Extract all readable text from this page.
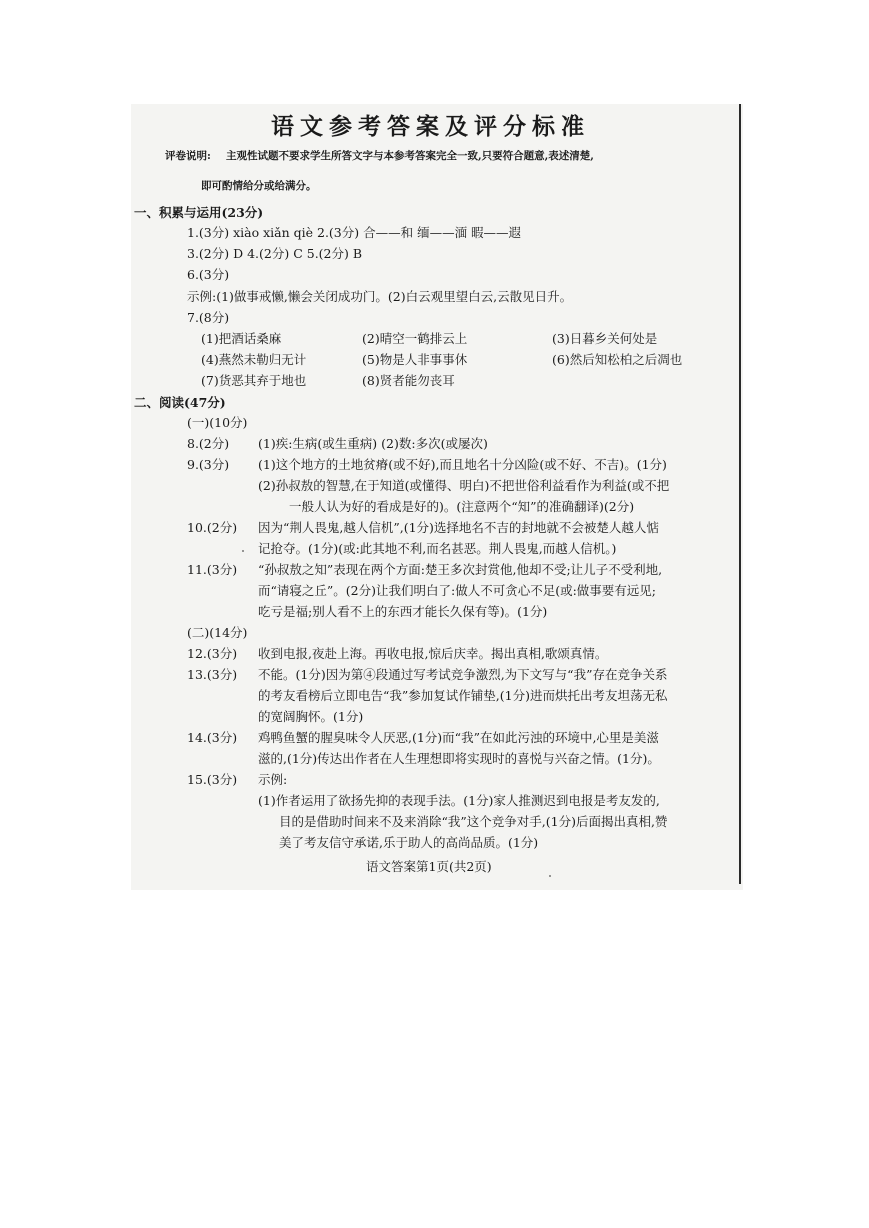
语文参考答案及评分标准
评卷说明: 主观性试题不要求学生所答文字与本参考答案完全一致,只要符合题意,表述清楚,
即可酌情给分或给满分。
一、积累与运用(23分)
1.(3分) xiào xiǎn qiè 2.(3分) 合——和 缅——湎 暇——遐
3.(2分) D 4.(2分) C 5.(2分) B
6.(3分)
示例:(1)做事戒懒,懒会关闭成功门。(2)白云观里望白云,云散见日升。
7.(8分)
(1)把酒话桑麻	(2)晴空一鹤排云上	(3)日暮乡关何处是
(4)燕然未勒归无计	(5)物是人非事事休	(6)然后知松柏之后凋也
(7)货恶其弃于地也	(8)贤者能勿丧耳
二、阅读(47分)
(一)(10分)
8.(2分) (1)疾:生病(或生重病) (2)数:多次(或屡次)
9.(3分) (1)这个地方的土地贫瘠(或不好),而且地名十分凶险(或不好、不吉)。(1分)
(2)孙叔敖的智慧,在于知道(或懂得、明白)不把世俗利益看作为利益(或不把
一般人认为好的看成是好的)。(注意两个“知”的准确翻译)(2分)
10.(2分) 因为“荆人畏鬼,越人信机”,(1分)选择地名不吉的封地就不会被楚人越人惦
记抢夺。(1分)(或:此其地不利,而名甚恶。荆人畏鬼,而越人信机。)
11.(3分) “孙叔敖之知”表现在两个方面:楚王多次封赏他,他却不受;让儿子不受利地,
而“请寝之丘”。(2分)让我们明白了:做人不可贪心不足(或:做事要有远见;
吃亏是福;别人看不上的东西才能长久保有等)。(1分)
(二)(14分)
12.(3分) 收到电报,夜赴上海。再收电报,惊后庆幸。揭出真相,歌颂真情。
13.(3分) 不能。(1分)因为第④段通过写考试竞争激烈,为下文写与“我”存在竞争关系
的考友看榜后立即电告“我”参加复试作铺垫,(1分)进而烘托出考友坦荡无私
的宽阔胸怀。(1分)
14.(3分) 鸡鸭鱼蟹的腥臭味令人厌恶,(1分)而“我”在如此污浊的环境中,心里是美滋
滋的,(1分)传达出作者在人生理想即将实现时的喜悦与兴奋之情。(1分)。
15.(3分) 示例:
(1)作者运用了欲扬先抑的表现手法。(1分)家人推测迟到电报是考友发的,
目的是借助时间来不及来消除“我”这个竞争对手,(1分)后面揭出真相,赞
美了考友信守承诺,乐于助人的高尚品质。(1分)
语文答案第1页(共2页)
